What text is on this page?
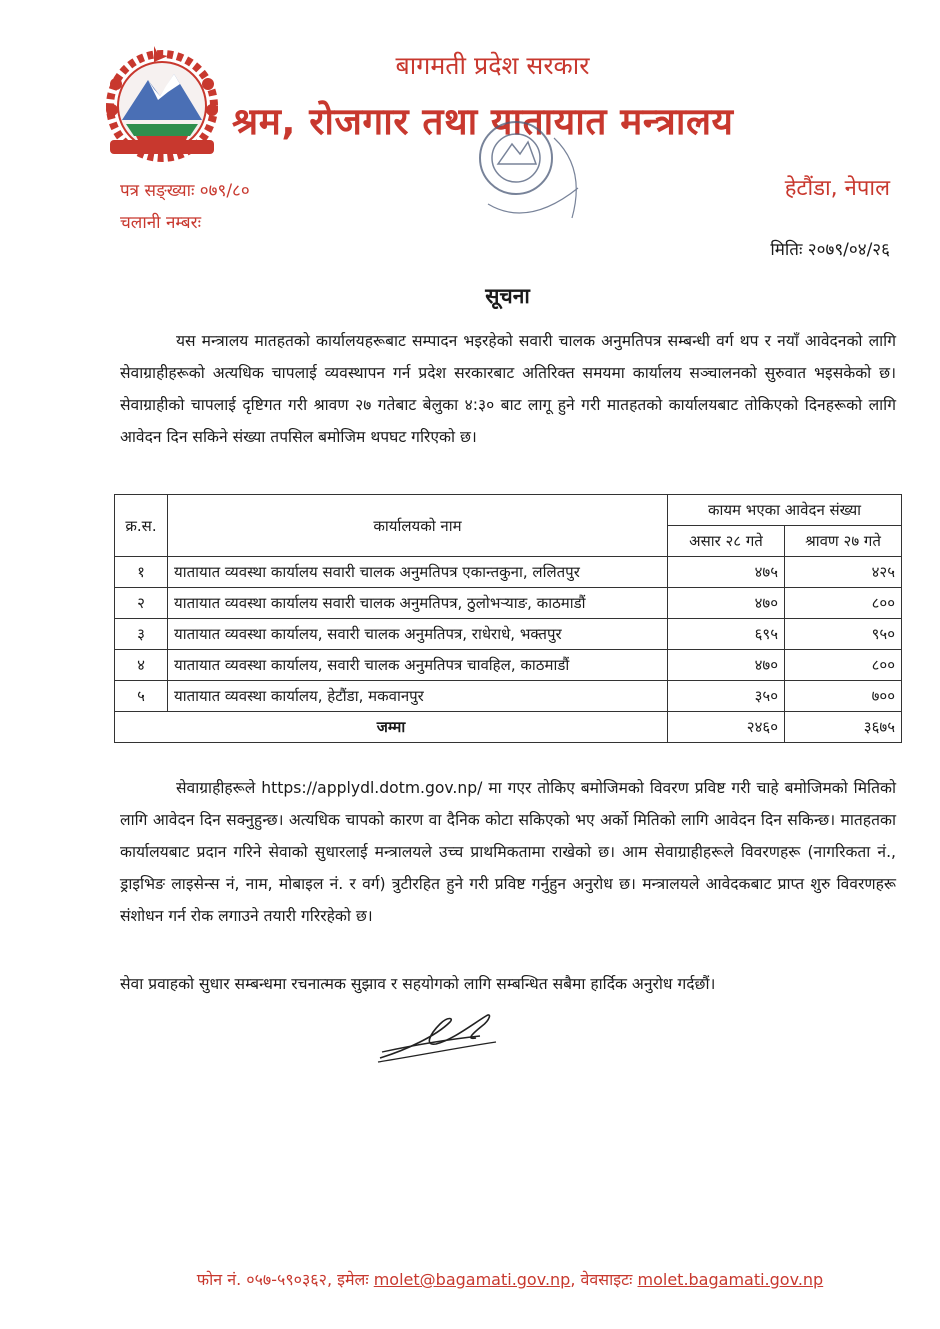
बागमती प्रदेश सरकार
श्रम, रोजगार तथा यातायात मन्त्रालय
पत्र सङ्ख्याः ०७९/८०
चलानी नम्बरः
हेटौंडा, नेपाल
मितिः २०७९/०४/२६
सूचना
यस मन्त्रालय मातहतको कार्यालयहरूबाट सम्पादन भइरहेको सवारी चालक अनुमतिपत्र सम्बन्धी वर्ग थप र नयाँ आवेदनको लागि सेवाग्राहीहरूको अत्यधिक चापलाई व्यवस्थापन गर्न प्रदेश सरकारबाट अतिरिक्त समयमा कार्यालय सञ्चालनको सुरुवात भइसकेको छ। सेवाग्राहीको चापलाई दृष्टिगत गरी श्रावण २७ गतेबाट बेलुका ४:३० बाट लागू हुने गरी मातहतको कार्यालयबाट तोकिएको दिनहरूको लागि आवेदन दिन सकिने संख्या तपसिल बमोजिम थपघट गरिएको छ।
क्र.स.	कार्यालयको नाम	कायम भएका आवेदन संख्या	
		असार २८ गते	श्रावण २७ गते
१	यातायात व्यवस्था कार्यालय सवारी चालक अनुमतिपत्र एकान्तकुना, ललितपुर	४७५	४२५
२	यातायात व्यवस्था कार्यालय सवारी चालक अनुमतिपत्र, ठुलोभऱ्याङ, काठमाडौं	४७०	८००
३	यातायात व्यवस्था कार्यालय, सवारी चालक अनुमतिपत्र, राधेराधे, भक्तपुर	६९५	९५०
४	यातायात व्यवस्था कार्यालय, सवारी चालक अनुमतिपत्र चावहिल, काठमाडौं	४७०	८००
५	यातायात व्यवस्था कार्यालय, हेटौंडा, मकवानपुर	३५०	७००
जम्मा		२४६०	३६७५
सेवाग्राहीहरूले https://applydl.dotm.gov.np/ मा गएर तोकिए बमोजिमको विवरण प्रविष्ट गरी चाहे बमोजिमको मितिको लागि आवेदन दिन सक्नुहुन्छ। अत्यधिक चापको कारण वा दैनिक कोटा सकिएको भए अर्को मितिको लागि आवेदन दिन सकिन्छ। मातहतका कार्यालयबाट प्रदान गरिने सेवाको सुधारलाई मन्त्रालयले उच्च प्राथमिकतामा राखेको छ। आम सेवाग्राहीहरूले विवरणहरू (नागरिकता नं., ड्राइभिङ लाइसेन्स नं, नाम, मोबाइल नं. र वर्ग) त्रुटीरहित हुने गरी प्रविष्ट गर्नुहुन अनुरोध छ। मन्त्रालयले आवेदकबाट प्राप्त शुरु विवरणहरू संशोधन गर्न रोक लगाउने तयारी गरिरहेको छ।
सेवा प्रवाहको सुधार सम्बन्धमा रचनात्मक सुझाव र सहयोगको लागि सम्बन्धित सबैमा हार्दिक अनुरोध गर्दछौं।
फोन नं. ०५७-५९०३६२, इमेलः molet@bagamati.gov.np, वेवसाइटः molet.bagamati.gov.np
